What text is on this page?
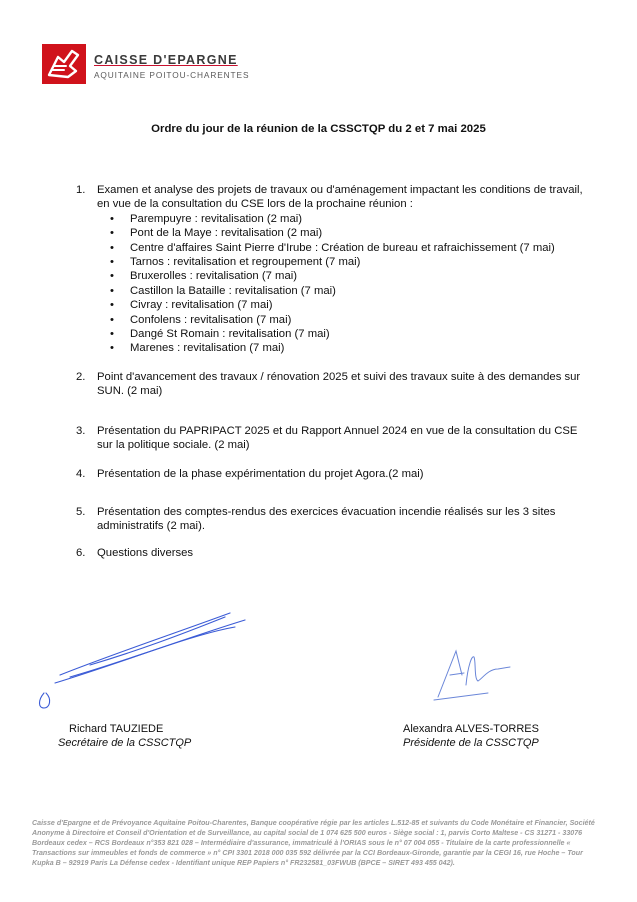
CAISSE D'EPARGNE
AQUITAINE POITOU-CHARENTES
Ordre du jour de la réunion de la CSSCTQP du 2 et 7 mai 2025
1. Examen et analyse des projets de travaux ou d'aménagement impactant les conditions de travail, en vue de la consultation du CSE lors de la prochaine réunion :
• Parempuyre : revitalisation (2 mai)
• Pont de la Maye : revitalisation (2 mai)
• Centre d'affaires Saint Pierre d'Irube : Création de bureau et rafraichissement (7 mai)
• Tarnos : revitalisation et regroupement (7 mai)
• Bruxerolles : revitalisation (7 mai)
• Castillon la Bataille : revitalisation (7 mai)
• Civray : revitalisation (7 mai)
• Confolens : revitalisation (7 mai)
• Dangé St Romain : revitalisation (7 mai)
• Marenes : revitalisation (7 mai)
2. Point d'avancement des travaux / rénovation 2025 et suivi des travaux suite à des demandes sur SUN. (2 mai)
3. Présentation du PAPRIPACT 2025 et du Rapport Annuel 2024 en vue de la consultation du CSE sur la politique sociale. (2 mai)
4. Présentation de la phase expérimentation du projet Agora.(2 mai)
5. Présentation des comptes-rendus des exercices évacuation incendie réalisés sur les 3 sites administratifs (2 mai).
6. Questions diverses
Richard TAUZIEDE
Secrétaire de la CSSCTQP
Alexandra ALVES-TORRES
Présidente de la CSSCTQP
Caisse d'Epargne et de Prévoyance Aquitaine Poitou-Charentes, Banque coopérative régie par les articles L.512-85 et suivants du Code Monétaire et Financier, Société Anonyme à Directoire et Conseil d'Orientation et de Surveillance, au capital social de 1 074 625 500 euros - Siège social : 1, parvis Corto Maltese - CS 31271 - 33076 Bordeaux cedex – RCS Bordeaux n°353 821 028 – Intermédiaire d'assurance, immatriculé à l'ORIAS sous le n° 07 004 055 - Titulaire de la carte professionnelle « Transactions sur immeubles et fonds de commerce » n° CPI 3301 2018 000 035 592 délivrée par la CCI Bordeaux-Gironde, garantie par la CEGI 16, rue Hoche – Tour Kupka B – 92919 Paris La Défense cedex - Identifiant unique REP Papiers n° FR232581_03FWUB (BPCE – SIRET 493 455 042).
